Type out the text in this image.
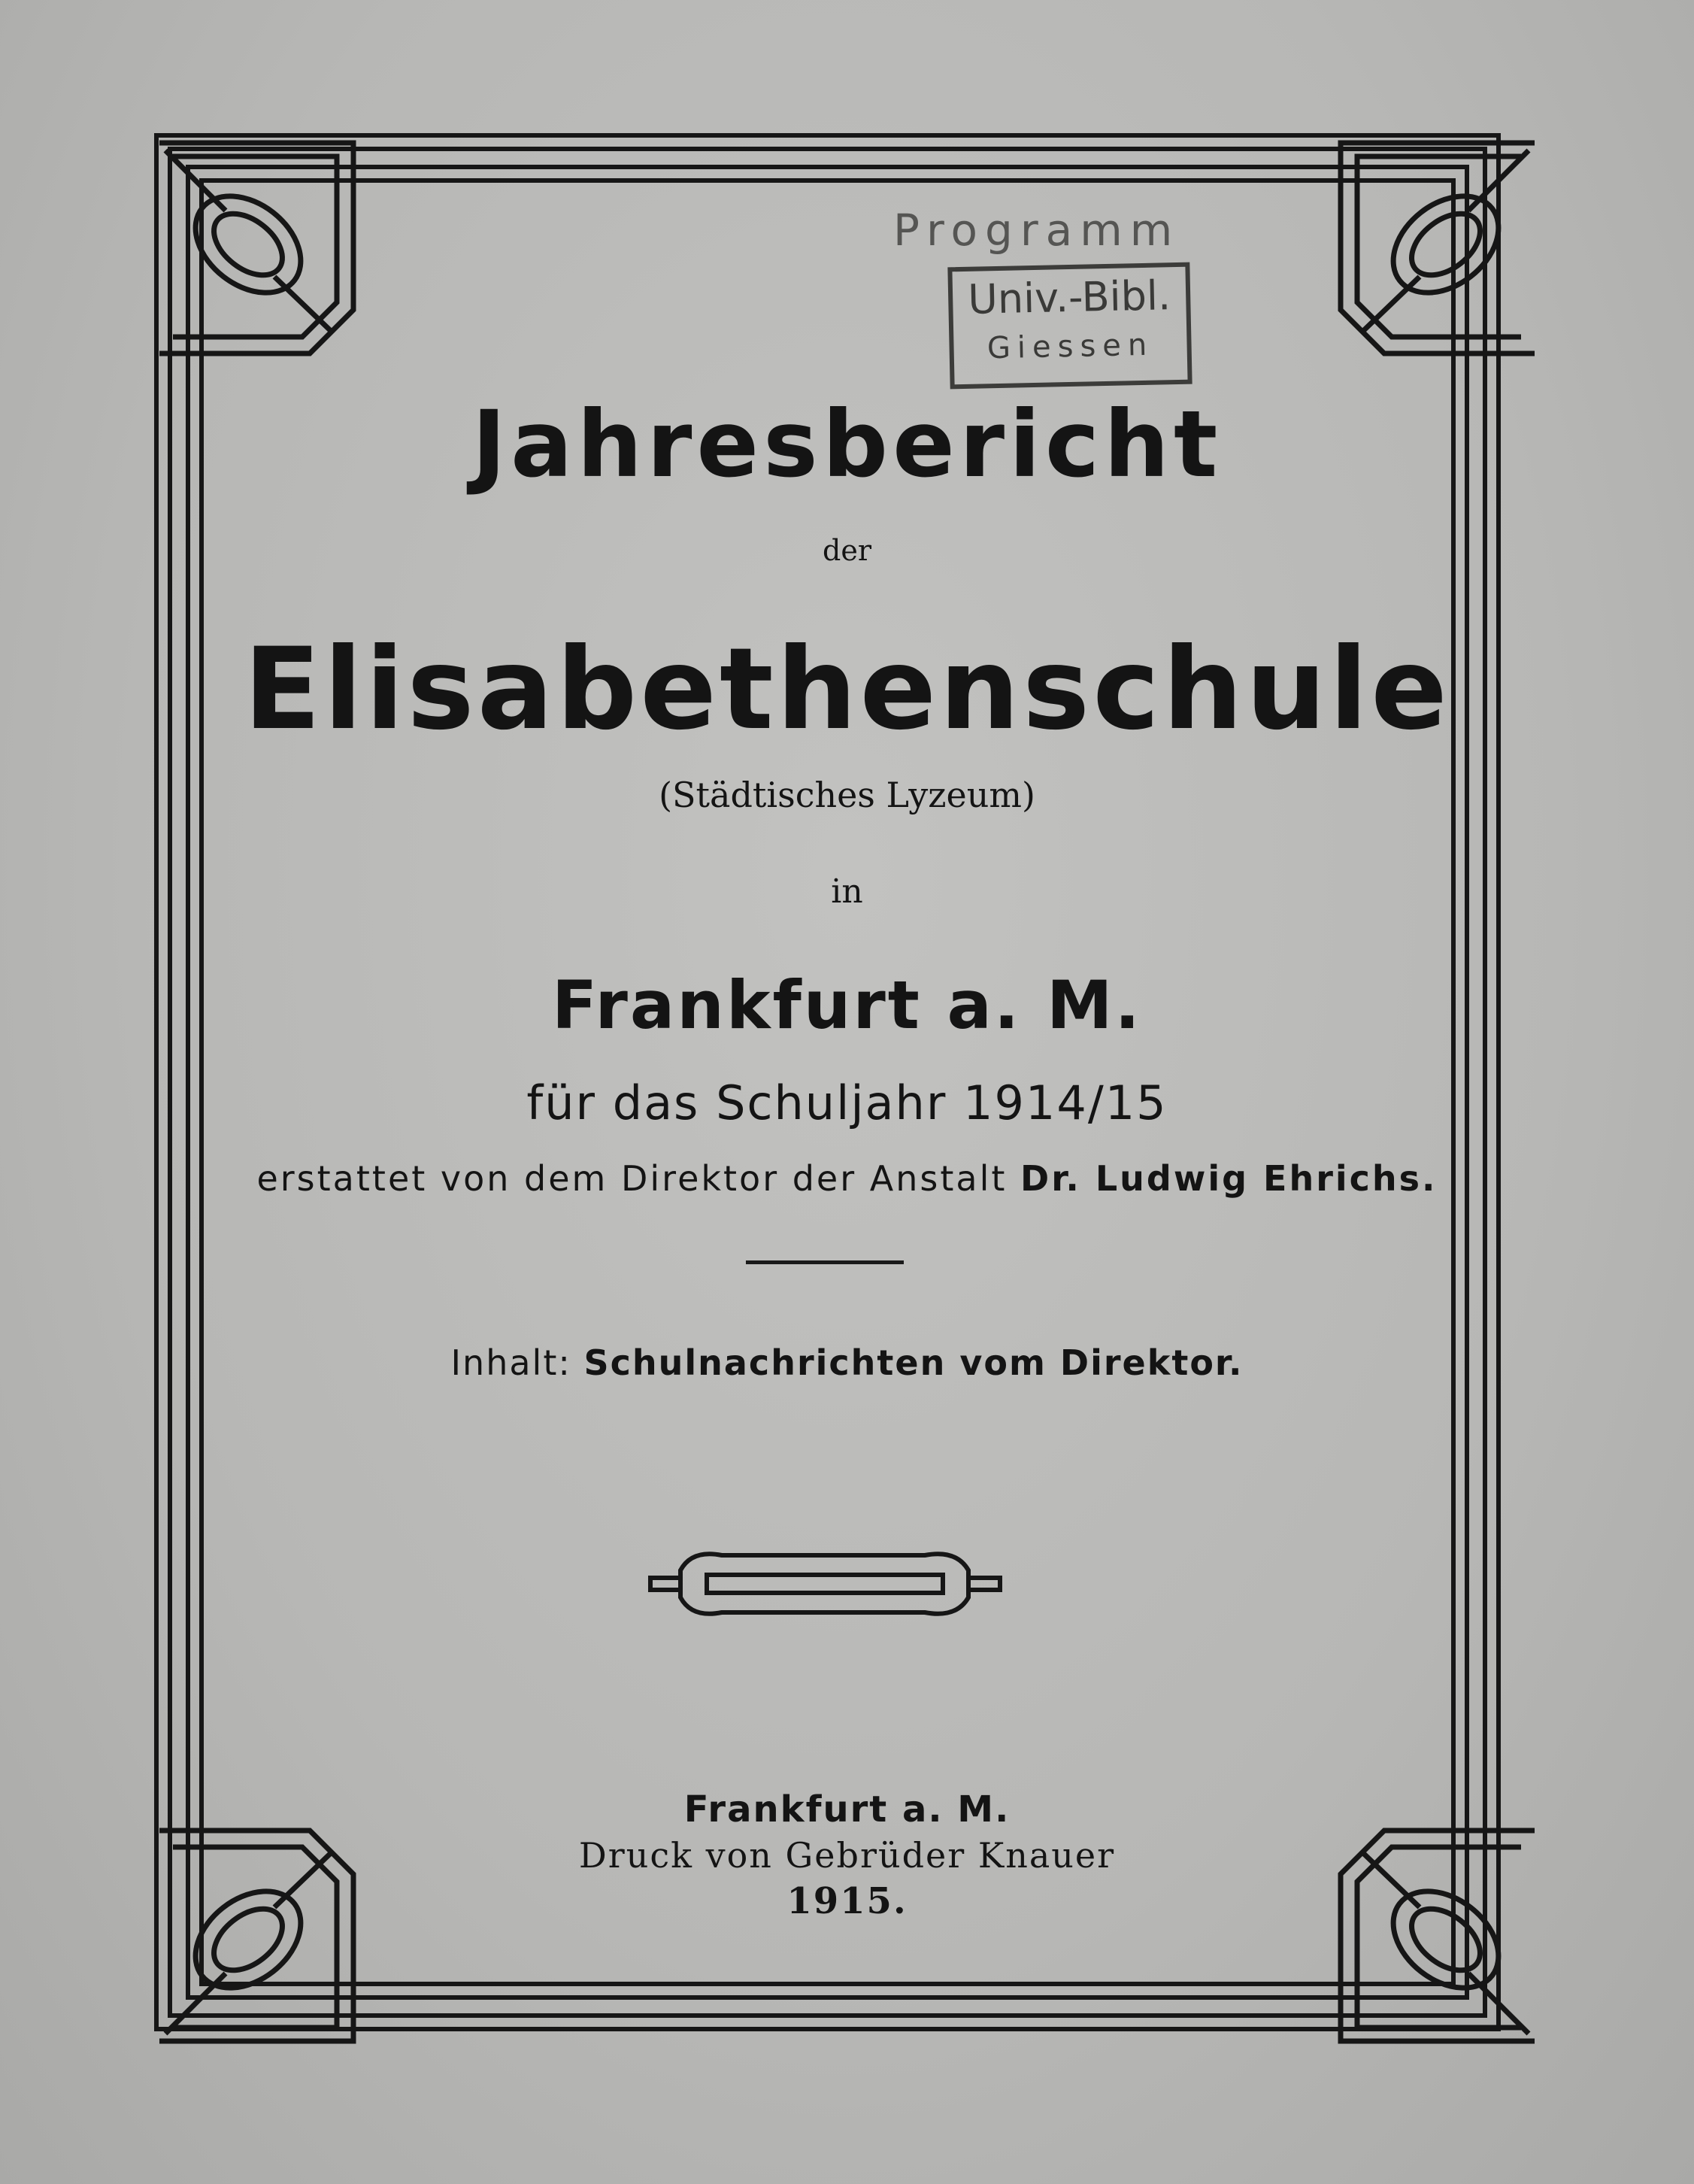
Programm
Univ.-Bibl.
Giessen
Jahresbericht
der
Elisabethenschule
(Städtisches Lyzeum)
in
Frankfurt a. M.
für das Schuljahr 1914/15
erstattet von dem Direktor der Anstalt Dr. Ludwig Ehrichs.
Inhalt: Schulnachrichten vom Direktor.
Frankfurt a. M.
Druck von Gebrüder Knauer
1915.
